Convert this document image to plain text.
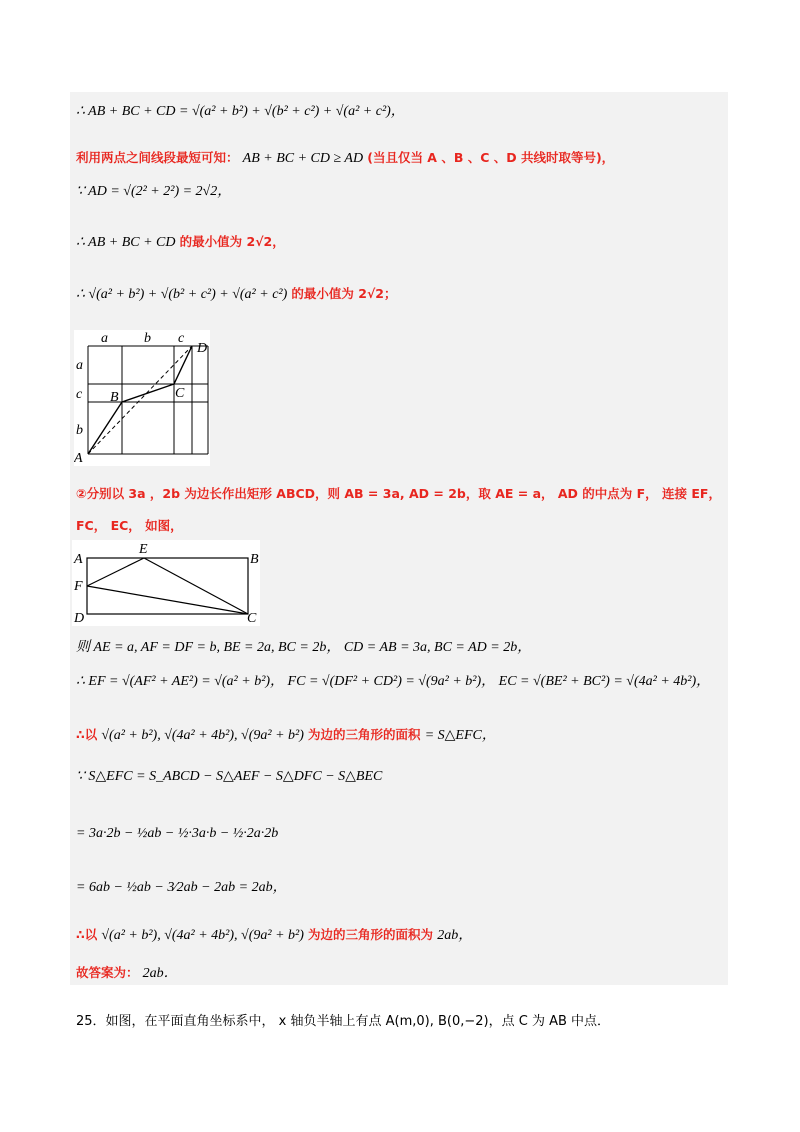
∴ AB + BC + CD = √(a² + b²) + √(b² + c²) + √(a² + c²)，
利用两点之间线段最短可知： AB + BC + CD ≥ AD (当且仅当 A 、B 、C 、D 共线时取等号)，
∵ AD = √(2² + 2²) = 2√2，
∴ AB + BC + CD 的最小值为 2√2，
∴ √(a² + b²) + √(b² + c²) + √(a² + c²) 的最小值为 2√2；
a	b c
a
c
b
A
B	C
D
②分别以 3a ，2b 为边长作出矩形 ABCD，则 AB = 3a, AD = 2b，取 AE = a， AD 的中点为 F， 连接 EF，
FC， EC， 如图，
A
E
B
F
D	C
则 AE = a, AF = DF = b, BE = 2a, BC = 2b， CD = AB = 3a, BC = AD = 2b，
∴ EF = √(AF² + AE²) = √(a² + b²)， FC = √(DF² + CD²) = √(9a² + b²)， EC = √(BE² + BC²) = √(4a² + 4b²)，
∴以 √(a² + b²), √(4a² + 4b²), √(9a² + b²) 为边的三角形的面积 = S△EFC，
∵ S△EFC = S_ABCD − S△AEF − S△DFC − S△BEC
= 3a·2b − ½ab − ½·3a·b − ½·2a·2b
= 6ab − ½ab − 3⁄2ab − 2ab = 2ab，
∴以 √(a² + b²), √(4a² + 4b²), √(9a² + b²) 为边的三角形的面积为 2ab，
故答案为： 2ab．
25．如图，在平面直角坐标系中， x 轴负半轴上有点 A(m,0), B(0,−2)，点 C 为 AB 中点．
